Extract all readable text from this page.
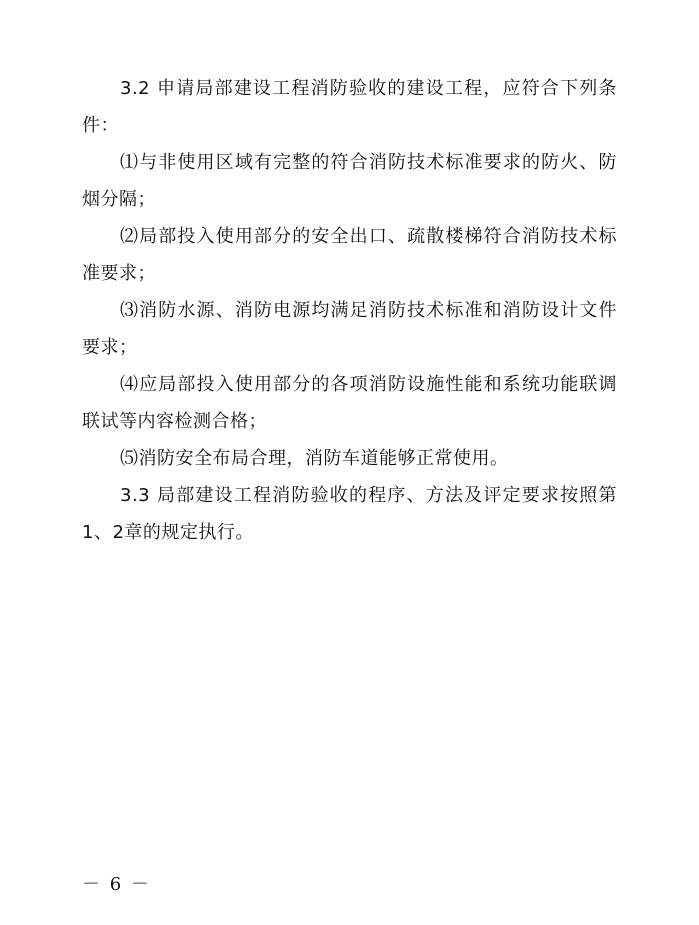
3.2 申请局部建设工程消防验收的建设工程，应符合下列条件：

⑴与非使用区域有完整的符合消防技术标准要求的防火、防烟分隔；

⑵局部投入使用部分的安全出口、疏散楼梯符合消防技术标准要求；

⑶消防水源、消防电源均满足消防技术标准和消防设计文件要求；

⑷应局部投入使用部分的各项消防设施性能和系统功能联调联试等内容检测合格；

⑸消防安全布局合理，消防车道能够正常使用。

3.3 局部建设工程消防验收的程序、方法及评定要求按照第1、2章的规定执行。

－ 6 －
